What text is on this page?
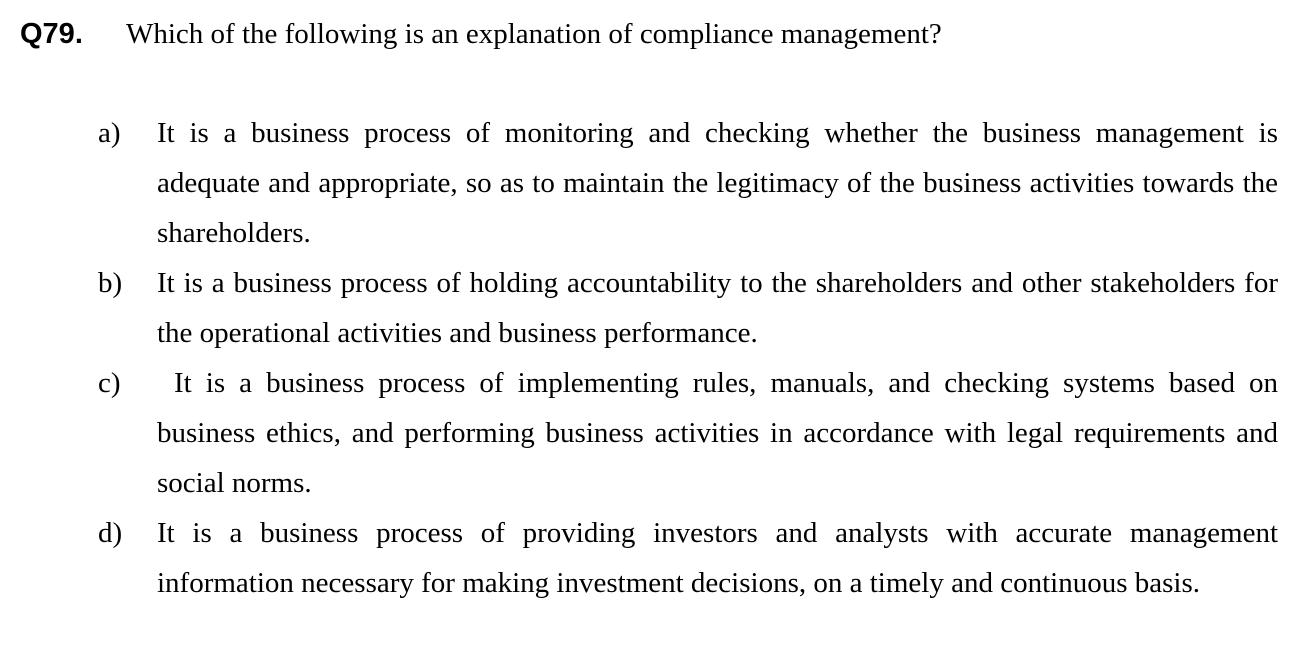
Q79.	Which of the following is an explanation of compliance management?
a) It is a business process of monitoring and checking whether the business management is adequate and appropriate, so as to maintain the legitimacy of the business activities towards the shareholders.
b) It is a business process of holding accountability to the shareholders and other stakeholders for the operational activities and business performance.
c)	It is a business process of implementing rules, manuals, and checking systems based on business ethics, and performing business activities in accordance with legal requirements and social norms.
d) It is a business process of providing investors and analysts with accurate management information necessary for making investment decisions, on a timely and continuous basis.
